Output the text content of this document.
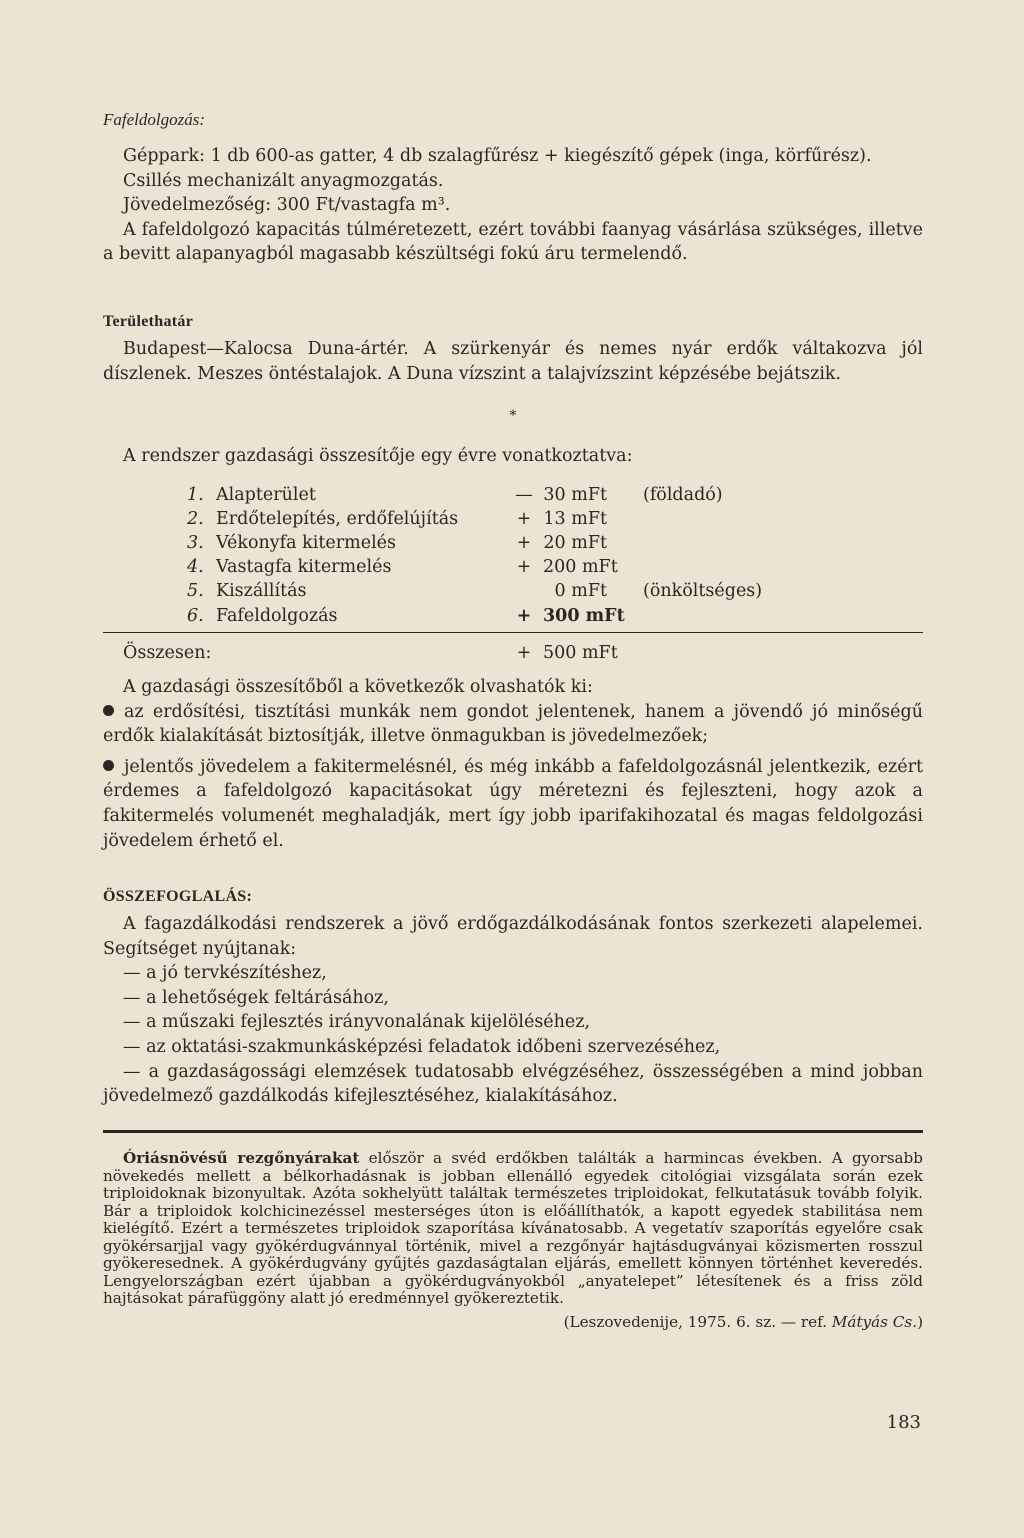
Fafeldolgozás:

Géppark: 1 db 600-as gatter, 4 db szalagfűrész + kiegészítő gépek (inga, körfűrész).

Csillés mechanizált anyagmozgatás.

Jövedelmezőség: 300 Ft/vastagfa m³.

A fafeldolgozó kapacitás túlméretezett, ezért további faanyag vásárlása szükséges, illetve a bevitt alapanyagból magasabb készültségi fokú áru termelendő.

Területhatár

Budapest—Kalocsa Duna-ártér. A szürkenyár és nemes nyár erdők váltakozva jól díszlenek. Meszes öntéstalajok. A Duna vízszint a talajvízszint képzésébe bejátszik.

*

A rendszer gazdasági összesítője egy évre vonatkoztatva:

1. Alapterület	— 30 mFt (földadó)
2. Erdőtelepítés, erdőfelújítás	+ 13 mFt
3. Vékonyfa kitermelés	+ 20 mFt
4. Vastagfa kitermelés	+ 200 mFt
5. Kiszállítás	0 mFt (önköltséges)
6. Fafeldolgozás	+ 300 mFt
Összesen:	+ 500 mFt

A gazdasági összesítőből a következők olvashatók ki:

az erdősítési, tisztítási munkák nem gondot jelentenek, hanem a jövendő jó minőségű erdők kialakítását biztosítják, illetve önmagukban is jövedelmezőek;

jelentős jövedelem a fakitermelésnél, és még inkább a fafeldolgozásnál jelentkezik, ezért érdemes a fafeldolgozó kapacitásokat úgy méretezni és fejleszteni, hogy azok a fakitermelés volumenét meghaladják, mert így jobb iparifakihozatal és magas feldolgozási jövedelem érhető el.

ÖSSZEFOGLALÁS:

A fagazdálkodási rendszerek a jövő erdőgazdálkodásának fontos szerkezeti alapelemei. Segítséget nyújtanak:

— a jó tervkészítéshez,

— a lehetőségek feltárásához,

— a műszaki fejlesztés irányvonalának kijelöléséhez,

— az oktatási-szakmunkásképzési feladatok időbeni szervezéséhez,

— a gazdaságossági elemzések tudatosabb elvégzéséhez, összességében a mind jobban jövedelmező gazdálkodás kifejlesztéséhez, kialakításához.

Óriásnövésű rezgőnyárakat először a svéd erdőkben találták a harmincas években. A gyorsabb növekedés mellett a bélkorhadásnak is jobban ellenálló egyedek citológiai vizsgálata során ezek triploidoknak bizonyultak. Azóta sokhelyütt találtak természetes triploidokat, felkutatásuk tovább folyik. Bár a triploidok kolchicinezéssel mesterséges úton is előállíthatók, a kapott egyedek stabilitása nem kielégítő. Ezért a természetes triploidok szaporítása kívánatosabb. A vegetatív szaporítás egyelőre csak gyökérsarjjal vagy gyökérdugvánnyal történik, mivel a rezgőnyár hajtásdugványai közismerten rosszul gyökeresednek. A gyökérdugvány gyűjtés gazdaságtalan eljárás, emellett könnyen történhet keveredés. Lengyelországban ezért újabban a gyökérdugványokból „anyatelepet” létesítenek és a friss zöld hajtásokat párafüggöny alatt jó eredménnyel gyökereztetik.

(Leszovedenije, 1975. 6. sz. — ref. Mátyás Cs.)

183
